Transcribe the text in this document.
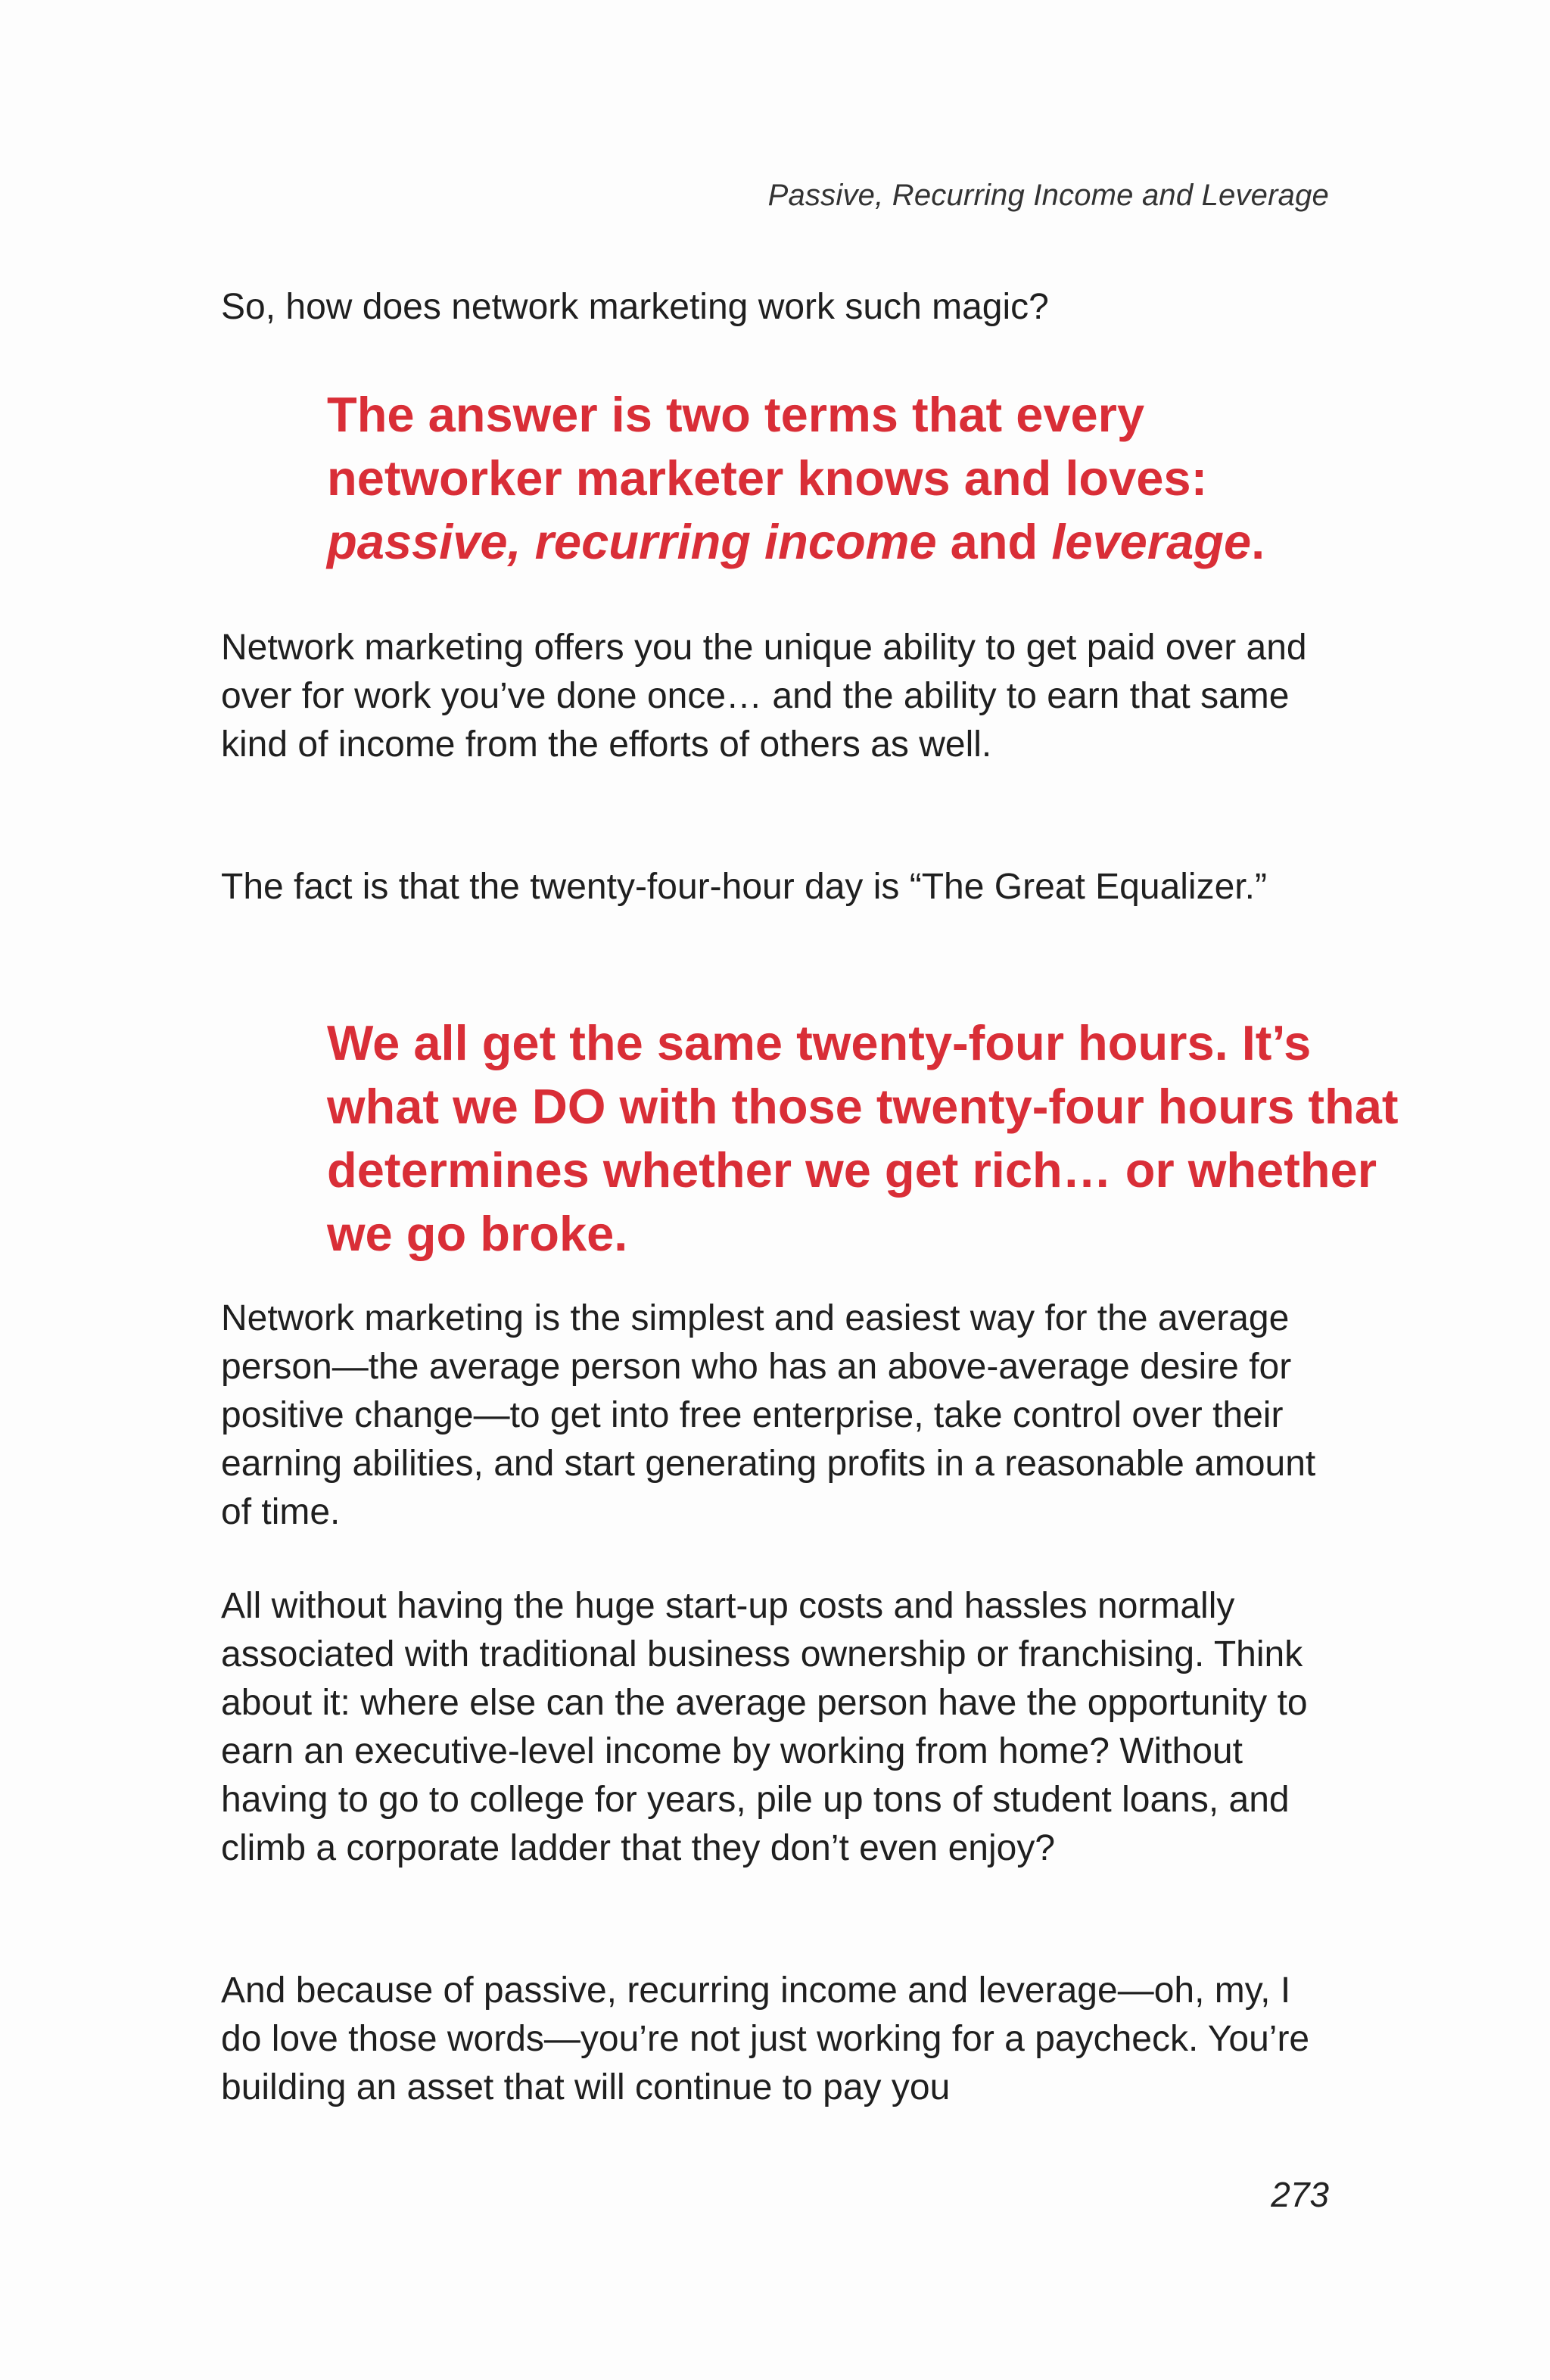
Passive, Recurring Income and Leverage
So, how does network marketing work such magic?
The answer is two terms that every
networker marketer knows and loves:
passive, recurring income and leverage.
Network marketing offers you the unique ability to get paid over and over for work you’ve done once… and the ability to earn that same kind of income from the efforts of others as well.
The fact is that the twenty-four-hour day is “The Great Equalizer.”
We all get the same twenty-four hours. It’s what we DO with those twenty-four hours that determines whether we get rich… or whether we go broke.
Network marketing is the simplest and easiest way for the average person—the average person who has an above-average desire for positive change—to get into free enterprise, take control over their earning abilities, and start generating profits in a reasonable amount of time.
All without having the huge start-up costs and hassles normally associated with traditional business ownership or franchising. Think about it: where else can the average person have the opportunity to earn an executive-level income by working from home? Without having to go to college for years, pile up tons of student loans, and climb a corporate ladder that they don’t even enjoy?
And because of passive, recurring income and leverage—oh, my, I do love those words—you’re not just working for a paycheck. You’re building an asset that will continue to pay you
273
